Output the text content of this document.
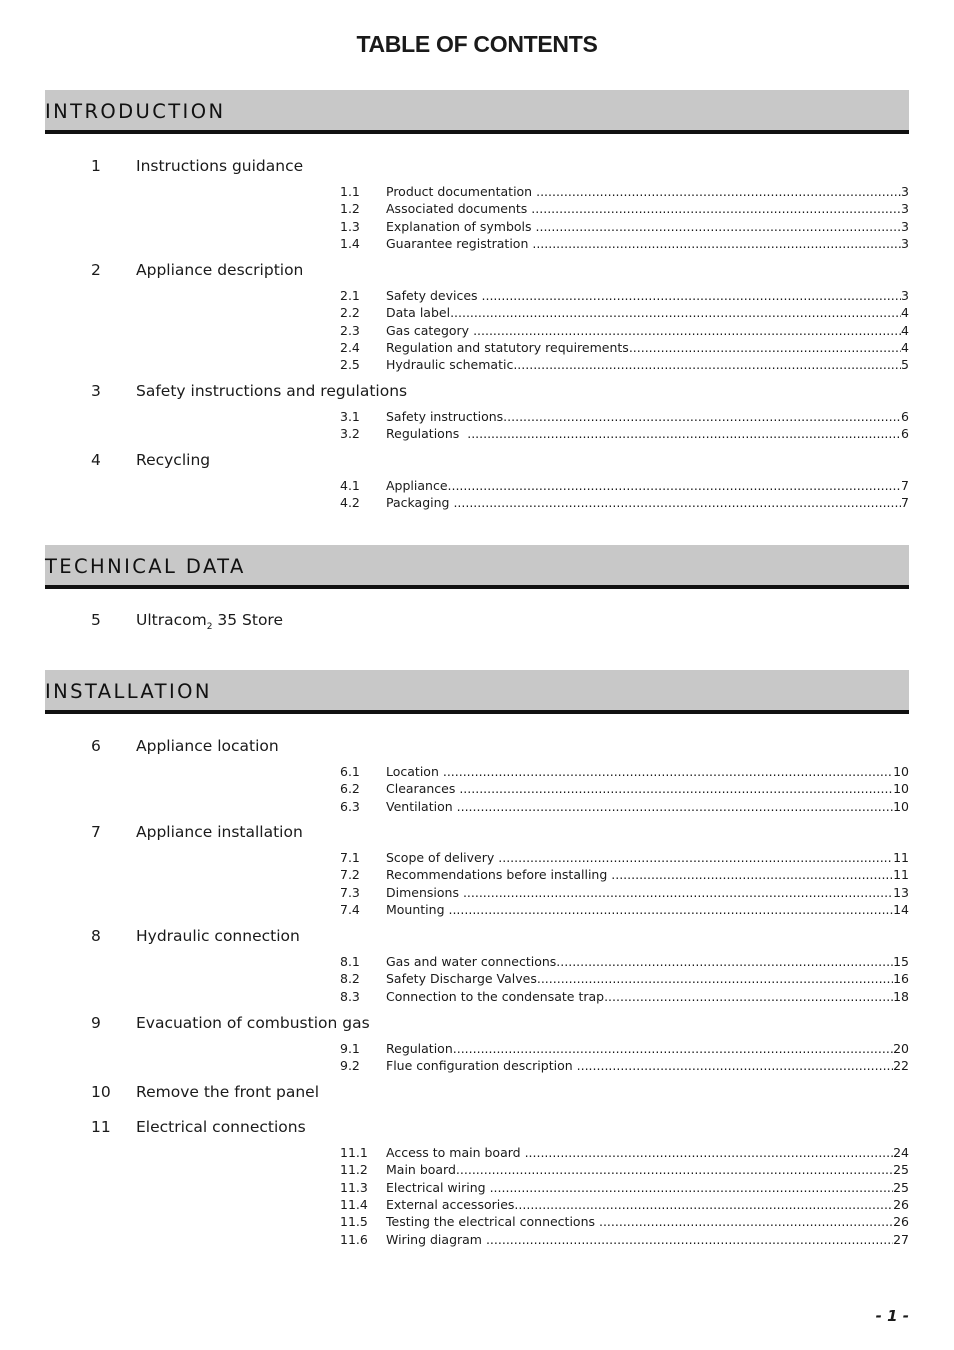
TABLE OF CONTENTS
INTRODUCTION
1 Instructions guidance
1.1 Product documentation .....	3
1.2 Associated documents .....	3
1.3 Explanation of symbols .....	3
1.4 Guarantee registration .....	3
2 Appliance description
2.1 Safety devices .....	3
2.2 Data label .....	4
2.3 Gas category .....	4
2.4 Regulation and statutory requirements .....	4
2.5 Hydraulic schematic .....	5
3 Safety instructions and regulations
3.1 Safety instructions .....	6
3.2 Regulations .....	6
4 Recycling
4.1 Appliance .....	7
4.2 Packaging .....	7
TECHNICAL DATA
5 Ultracom$_2$ 35 Store
INSTALLATION
6 Appliance location
6.1 Location .....	10
6.2 Clearances .....	10
6.3 Ventilation .....	10
7 Appliance installation
7.1 Scope of delivery .....	11
7.2 Recommendations before installing .....	11
7.3 Dimensions .....	13
7.4 Mounting .....	14
8 Hydraulic connection
8.1 Gas and water connections .....	15
8.2 Safety Discharge Valves .....	16
8.3 Connection to the condensate trap .....	18
9 Evacuation of combustion gas
9.1 Regulation .....	20
9.2 Flue configuration description .....	22
10 Remove the front panel
11 Electrical connections
11.1 Access to main board .....	24
11.2 Main board .....	25
11.3 Electrical wiring .....	25
11.4 External accessories .....	26
11.5 Testing the electrical connections .....	26
11.6 Wiring diagram .....	27
- 1 -
